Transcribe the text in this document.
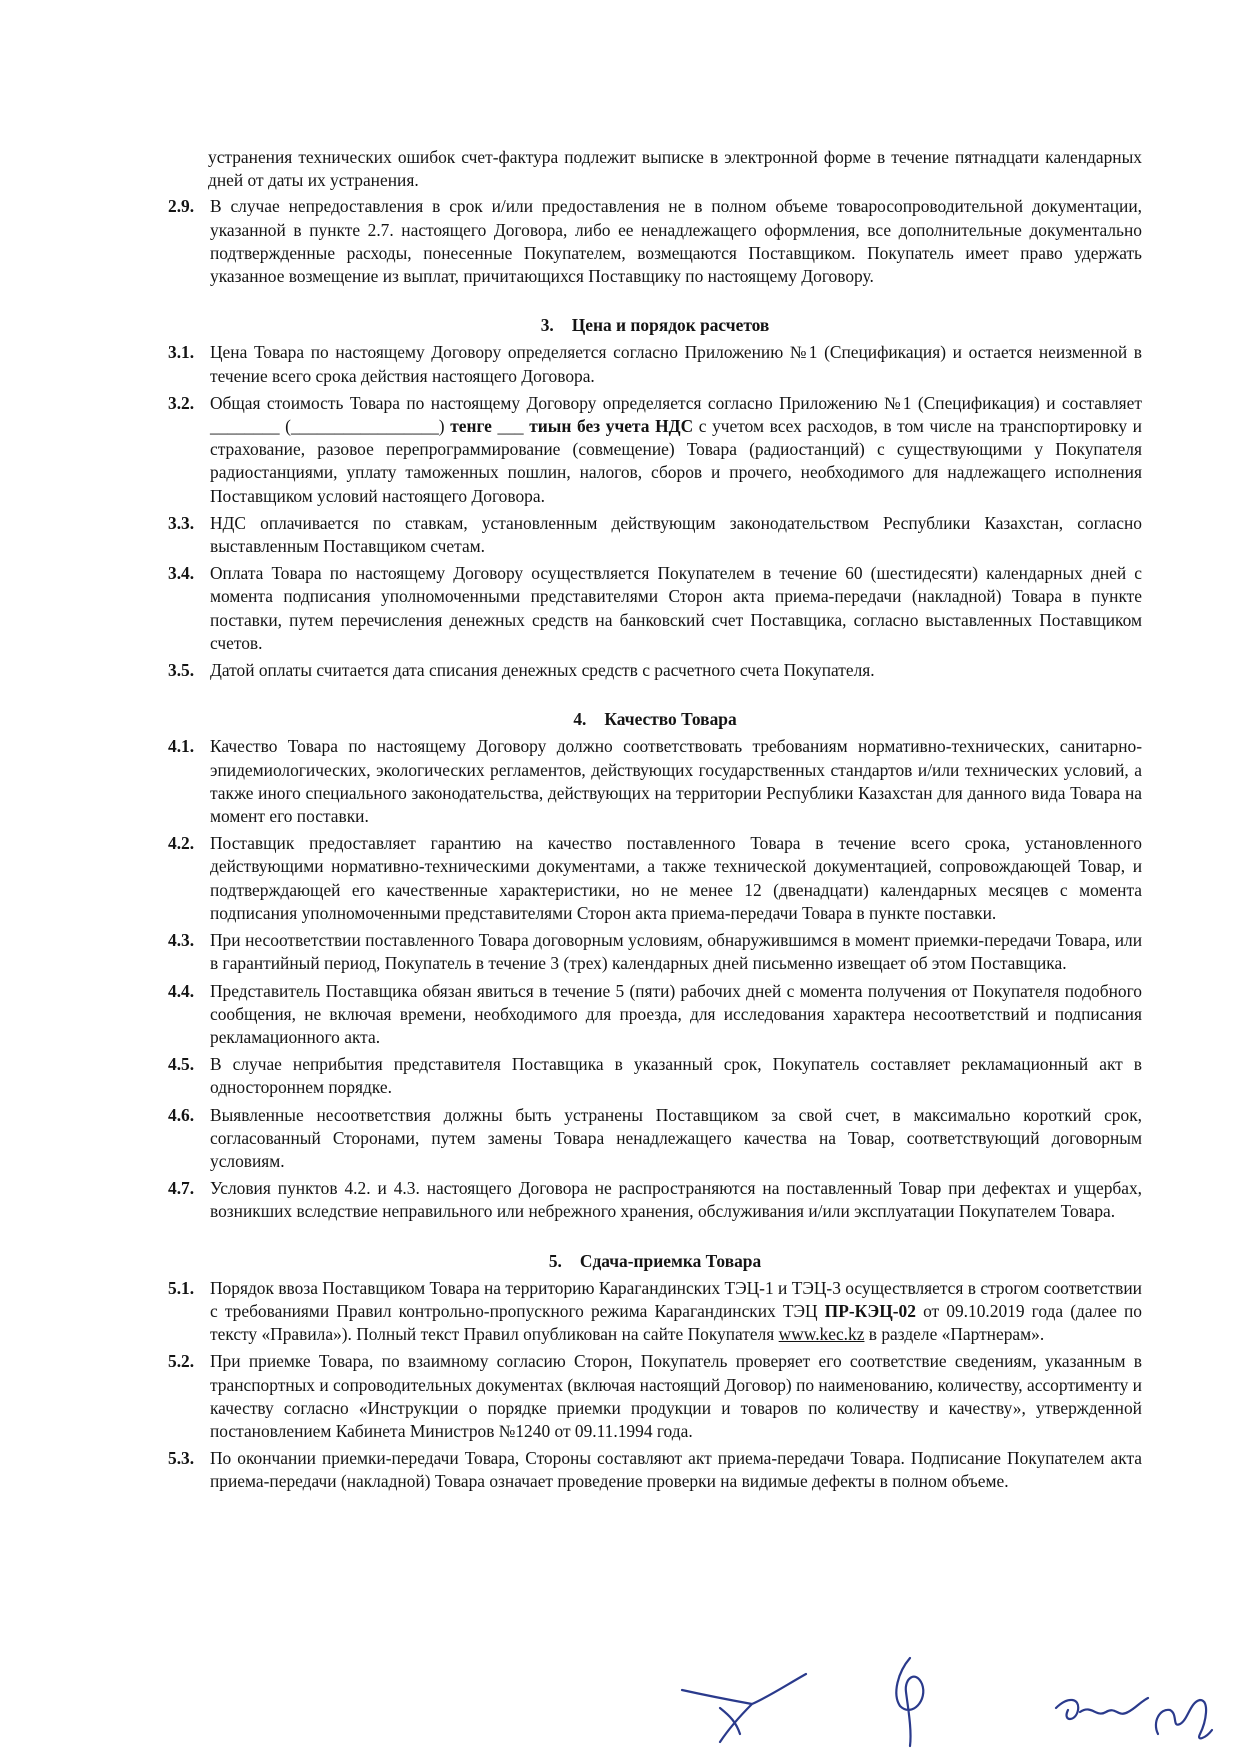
устранения технических ошибок счет-фактура подлежит выписке в электронной форме в течение пятнадцати календарных дней от даты их устранения.

2.9. В случае непредоставления в срок и/или предоставления не в полном объеме товаросопроводительной документации, указанной в пункте 2.7. настоящего Договора, либо ее ненадлежащего оформления, все дополнительные документально подтвержденные расходы, понесенные Покупателем, возмещаются Поставщиком. Покупатель имеет право удержать указанное возмещение из выплат, причитающихся Поставщику по настоящему Договору.
3. Цена и порядок расчетов
3.1. Цена Товара по настоящему Договору определяется согласно Приложению №1 (Спецификация) и остается неизменной в течение всего срока действия настоящего Договора.
3.2. Общая стоимость Товара по настоящему Договору определяется согласно Приложению №1 (Спецификация) и составляет ________ (_________________) тенге ___ тиын без учета НДС с учетом всех расходов, в том числе на транспортировку и страхование, разовое перепрограммирование (совмещение) Товара (радиостанций) с существующими у Покупателя радиостанциями, уплату таможенных пошлин, налогов, сборов и прочего, необходимого для надлежащего исполнения Поставщиком условий настоящего Договора.
3.3. НДС оплачивается по ставкам, установленным действующим законодательством Республики Казахстан, согласно выставленным Поставщиком счетам.
3.4. Оплата Товара по настоящему Договору осуществляется Покупателем в течение 60 (шестидесяти) календарных дней с момента подписания уполномоченными представителями Сторон акта приема-передачи (накладной) Товара в пункте поставки, путем перечисления денежных средств на банковский счет Поставщика, согласно выставленных Поставщиком счетов.
3.5. Датой оплаты считается дата списания денежных средств с расчетного счета Покупателя.
4. Качество Товара
4.1. Качество Товара по настоящему Договору должно соответствовать требованиям нормативно-технических, санитарно-эпидемиологических, экологических регламентов, действующих государственных стандартов и/или технических условий, а также иного специального законодательства, действующих на территории Республики Казахстан для данного вида Товара на момент его поставки.
4.2. Поставщик предоставляет гарантию на качество поставленного Товара в течение всего срока, установленного действующими нормативно-техническими документами, а также технической документацией, сопровождающей Товар, и подтверждающей его качественные характеристики, но не менее 12 (двенадцати) календарных месяцев с момента подписания уполномоченными представителями Сторон акта приема-передачи Товара в пункте поставки.
4.3. При несоответствии поставленного Товара договорным условиям, обнаружившимся в момент приемки-передачи Товара, или в гарантийный период, Покупатель в течение 3 (трех) календарных дней письменно извещает об этом Поставщика.
4.4. Представитель Поставщика обязан явиться в течение 5 (пяти) рабочих дней с момента получения от Покупателя подобного сообщения, не включая времени, необходимого для проезда, для исследования характера несоответствий и подписания рекламационного акта.
4.5. В случае неприбытия представителя Поставщика в указанный срок, Покупатель составляет рекламационный акт в одностороннем порядке.
4.6. Выявленные несоответствия должны быть устранены Поставщиком за свой счет, в максимально короткий срок, согласованный Сторонами, путем замены Товара ненадлежащего качества на Товар, соответствующий договорным условиям.
4.7. Условия пунктов 4.2. и 4.3. настоящего Договора не распространяются на поставленный Товар при дефектах и ущербах, возникших вследствие неправильного или небрежного хранения, обслуживания и/или эксплуатации Покупателем Товара.
5. Сдача-приемка Товара
5.1. Порядок ввоза Поставщиком Товара на территорию Карагандинских ТЭЦ-1 и ТЭЦ-3 осуществляется в строгом соответствии с требованиями Правил контрольно-пропускного режима Карагандинских ТЭЦ ПР-КЭЦ-02 от 09.10.2019 года (далее по тексту «Правила»). Полный текст Правил опубликован на сайте Покупателя www.kec.kz в разделе «Партнерам».
5.2. При приемке Товара, по взаимному согласию Сторон, Покупатель проверяет его соответствие сведениям, указанным в транспортных и сопроводительных документах (включая настоящий Договор) по наименованию, количеству, ассортименту и качеству согласно «Инструкции о порядке приемки продукции и товаров по количеству и качеству», утвержденной постановлением Кабинета Министров №1240 от 09.11.1994 года.
5.3. По окончании приемки-передачи Товара, Стороны составляют акт приема-передачи Товара. Подписание Покупателем акта приема-передачи (накладной) Товара означает проведение проверки на видимые дефекты в полном объеме.
